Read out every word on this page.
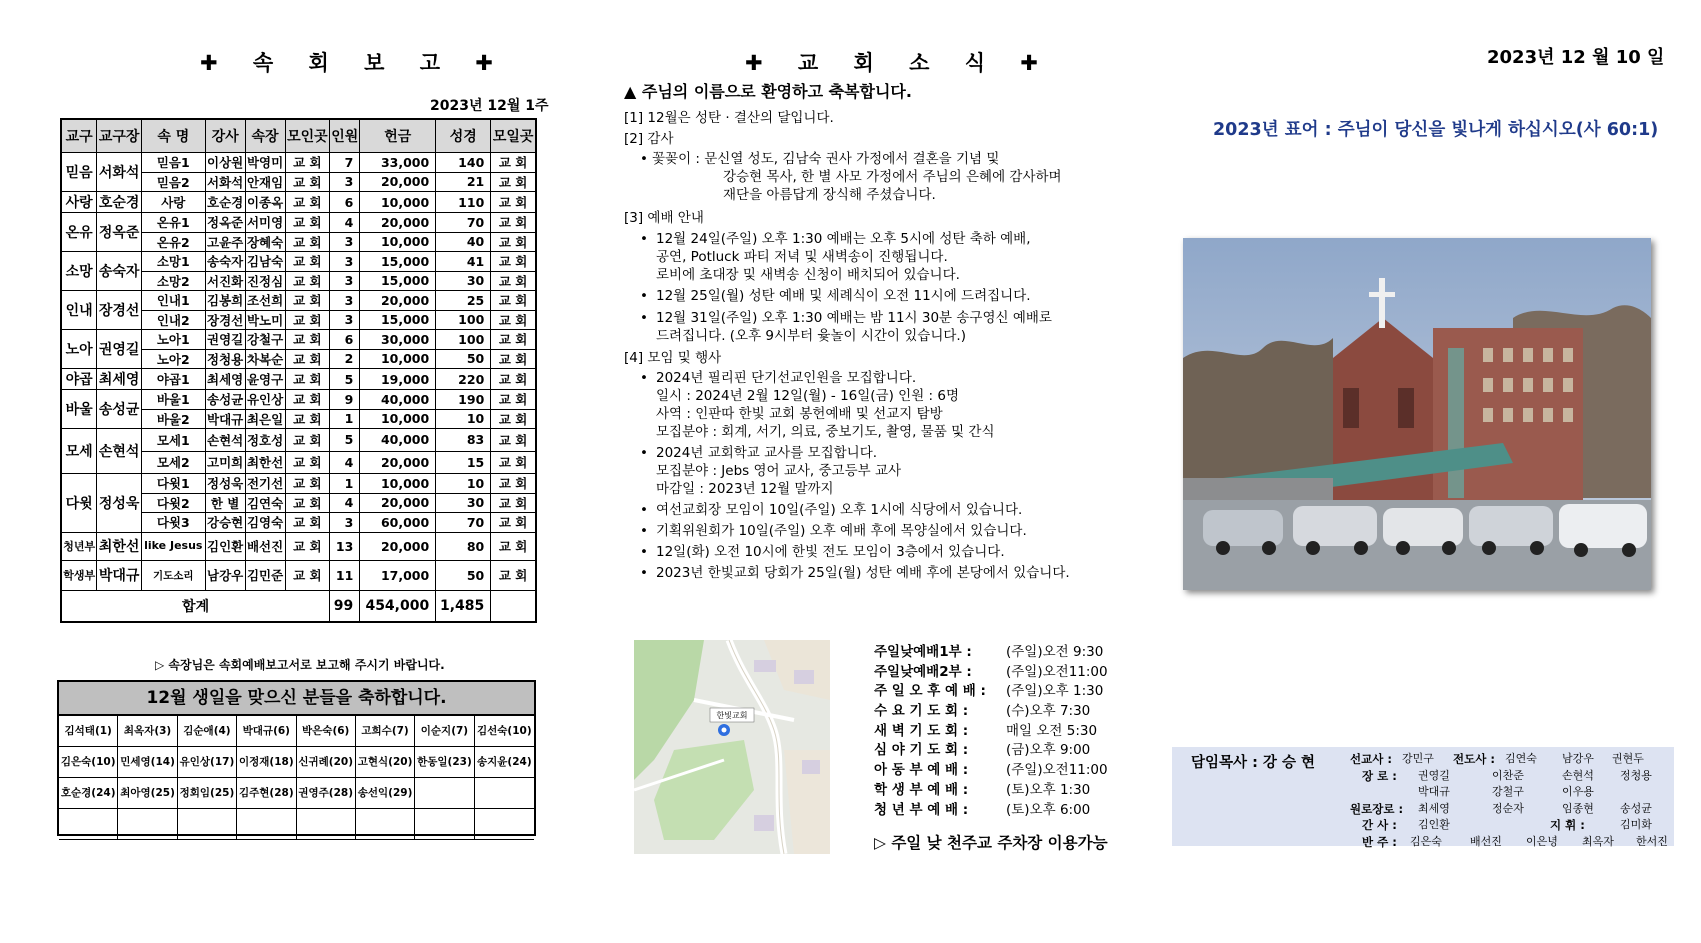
✚ 속 회 보 고 ✚
2023년 12월 1주
교구	교구장	속 명	강사	속장	모인곳	인원	헌금	성경	모일곳
믿음	서화석	믿음1	이상원	박영미	교 회	7	33,000	140	교 회
		믿음2	서화석	안재임	교 회	3	20,000	21	교 회
사랑	호순경	사랑	호순경	이종옥	교 회	6	10,000	110	교 회
온유	정옥준	온유1	정옥준	서미영	교 회	4	20,000	70	교 회
		온유2	고윤주	장혜숙	교 회	3	10,000	40	교 회
소망	송숙자	소망1	송숙자	김남숙	교 회	3	15,000	41	교 회
		소망2	서진화	진정심	교 회	3	15,000	30	교 회
인내	장경선	인내1	김봉희	조선희	교 회	3	20,000	25	교 회
		인내2	장경선	박노미	교 회	3	15,000	100	교 회
노아	권영길	노아1	권영길	강철구	교 회	6	30,000	100	교 회
		노아2	정청용	차복순	교 회	2	10,000	50	교 회
야곱	최세영	야곱1	최세영	윤영구	교 회	5	19,000	220	교 회
바울	송성균	바울1	송성균	유인상	교 회	9	40,000	190	교 회
		바울2	박대규	최은일	교 회	1	10,000	10	교 회
모세	손현석	모세1	손현석	정호성	교 회	5	40,000	83	교 회
		모세2	고미희	최한선	교 회	4	20,000	15	교 회
다윗	정성욱	다윗1	정성욱	전기선	교 회	1	10,000	10	교 회
		다윗2	한 별	김연숙	교 회	4	20,000	30	교 회
		다윗3	강승현	김영숙	교 회	3	60,000	70	교 회
청년부	최한선	like Jesus	김인환	배선진	교 회	13	20,000	80	교 회
학생부	박대규	기도소리	남강우	김민준	교 회	11	17,000	50	교 회
합계						99	454,000	1,485	
▷ 속장님은 속회예배보고서로 보고해 주시기 바랍니다.
12월 생일을 맞으신 분들을 축하합니다.
김석태(1)	최옥자(3)	김순애(4)	박대규(6)	박은숙(6)	고희수(7)	이순지(7) 김선숙(10)
김은숙(10) 민세영(14) 유인상(17) 이정재(18) 신귀례(20) 고현식(20) 한동일(23) 송지윤(24)
호순경(24) 최아영(25) 정회임(25) 김주현(28) 권영주(28) 송선익(29)
✚ 교 회 소 식 ✚
▲ 주님의 이름으로 환영하고 축복합니다.
[1] 12월은 성탄 · 결산의 달입니다.
[2] 감사
• 꽃꽂이 : 문신열 성도, 김남숙 권사 가정에서 결혼을 기념 및
강승현 목사, 한 별 사모 가정에서 주님의 은혜에 감사하며
재단을 아름답게 장식해 주셨습니다.
[3] 예배 안내
• 12월 24일(주일) 오후 1:30 예배는 오후 5시에 성탄 축하 예배,
공연, Potluck 파티 저녁 및 새벽송이 진행됩니다.
로비에 초대장 및 새벽송 신청이 배치되어 있습니다.
• 12월 25일(월) 성탄 예배 및 세례식이 오전 11시에 드려집니다.
• 12월 31일(주일) 오후 1:30 예배는 밤 11시 30분 송구영신 예배로
드려집니다. (오후 9시부터 윷놀이 시간이 있습니다.)
[4] 모임 및 행사
• 2024년 필리핀 단기선교인원을 모집합니다.
일시 : 2024년 2월 12일(월) - 16일(금) 인원 : 6명
사역 : 인판따 한빛 교회 봉헌예배 및 선교지 탐방
모집분야 : 회계, 서기, 의료, 중보기도, 촬영, 물품 및 간식
• 2024년 교회학교 교사를 모집합니다.
모집분야 : Jebs 영어 교사, 중고등부 교사
마감일 : 2023년 12월 말까지
• 여선교회장 모임이 10일(주일) 오후 1시에 식당에서 있습니다.
• 기획위원회가 10일(주일) 오후 예배 후에 목양실에서 있습니다.
• 12일(화) 오전 10시에 한빛 전도 모임이 3층에서 있습니다.
• 2023년 한빛교회 당회가 25일(월) 성탄 예배 후에 본당에서 있습니다.
한빛교회
주일낮예배1부 :	(주일)오전 9:30
주일낮예배2부 :	(주일)오전11:00
주 일 오 후 예 배 : (주일)오후 1:30
수 요 기 도 회 :	(수)오후 7:30
새 벽 기 도 회 :	매일 오전 5:30
심 야 기 도 회 :	(금)오후 9:00
아 동 부 예 배 :	(주일)오전11:00
학 생 부 예 배 :	(토)오후 1:30
청 년 부 예 배 :	(토)오후 6:00
▷ 주일 낮 천주교 주차장 이용가능
2023년 12 월 10 일
2023년 표어 : 주님이 당신을 빛나게 하십시오(사 60:1)
담임목사 : 강 승 현	선교사 : 강민구 전도사 : 김연숙 남강우 권현두
장 로 : 권영길	이찬준	손현석 정청용
박대규	강철구	이우용
원로장로 : 최세영	정순자	임종현 송성균
간 사 : 김인환	지 휘 :	김미화
반 주 : 김은숙	배선진 이은녕 최옥자 한서진
